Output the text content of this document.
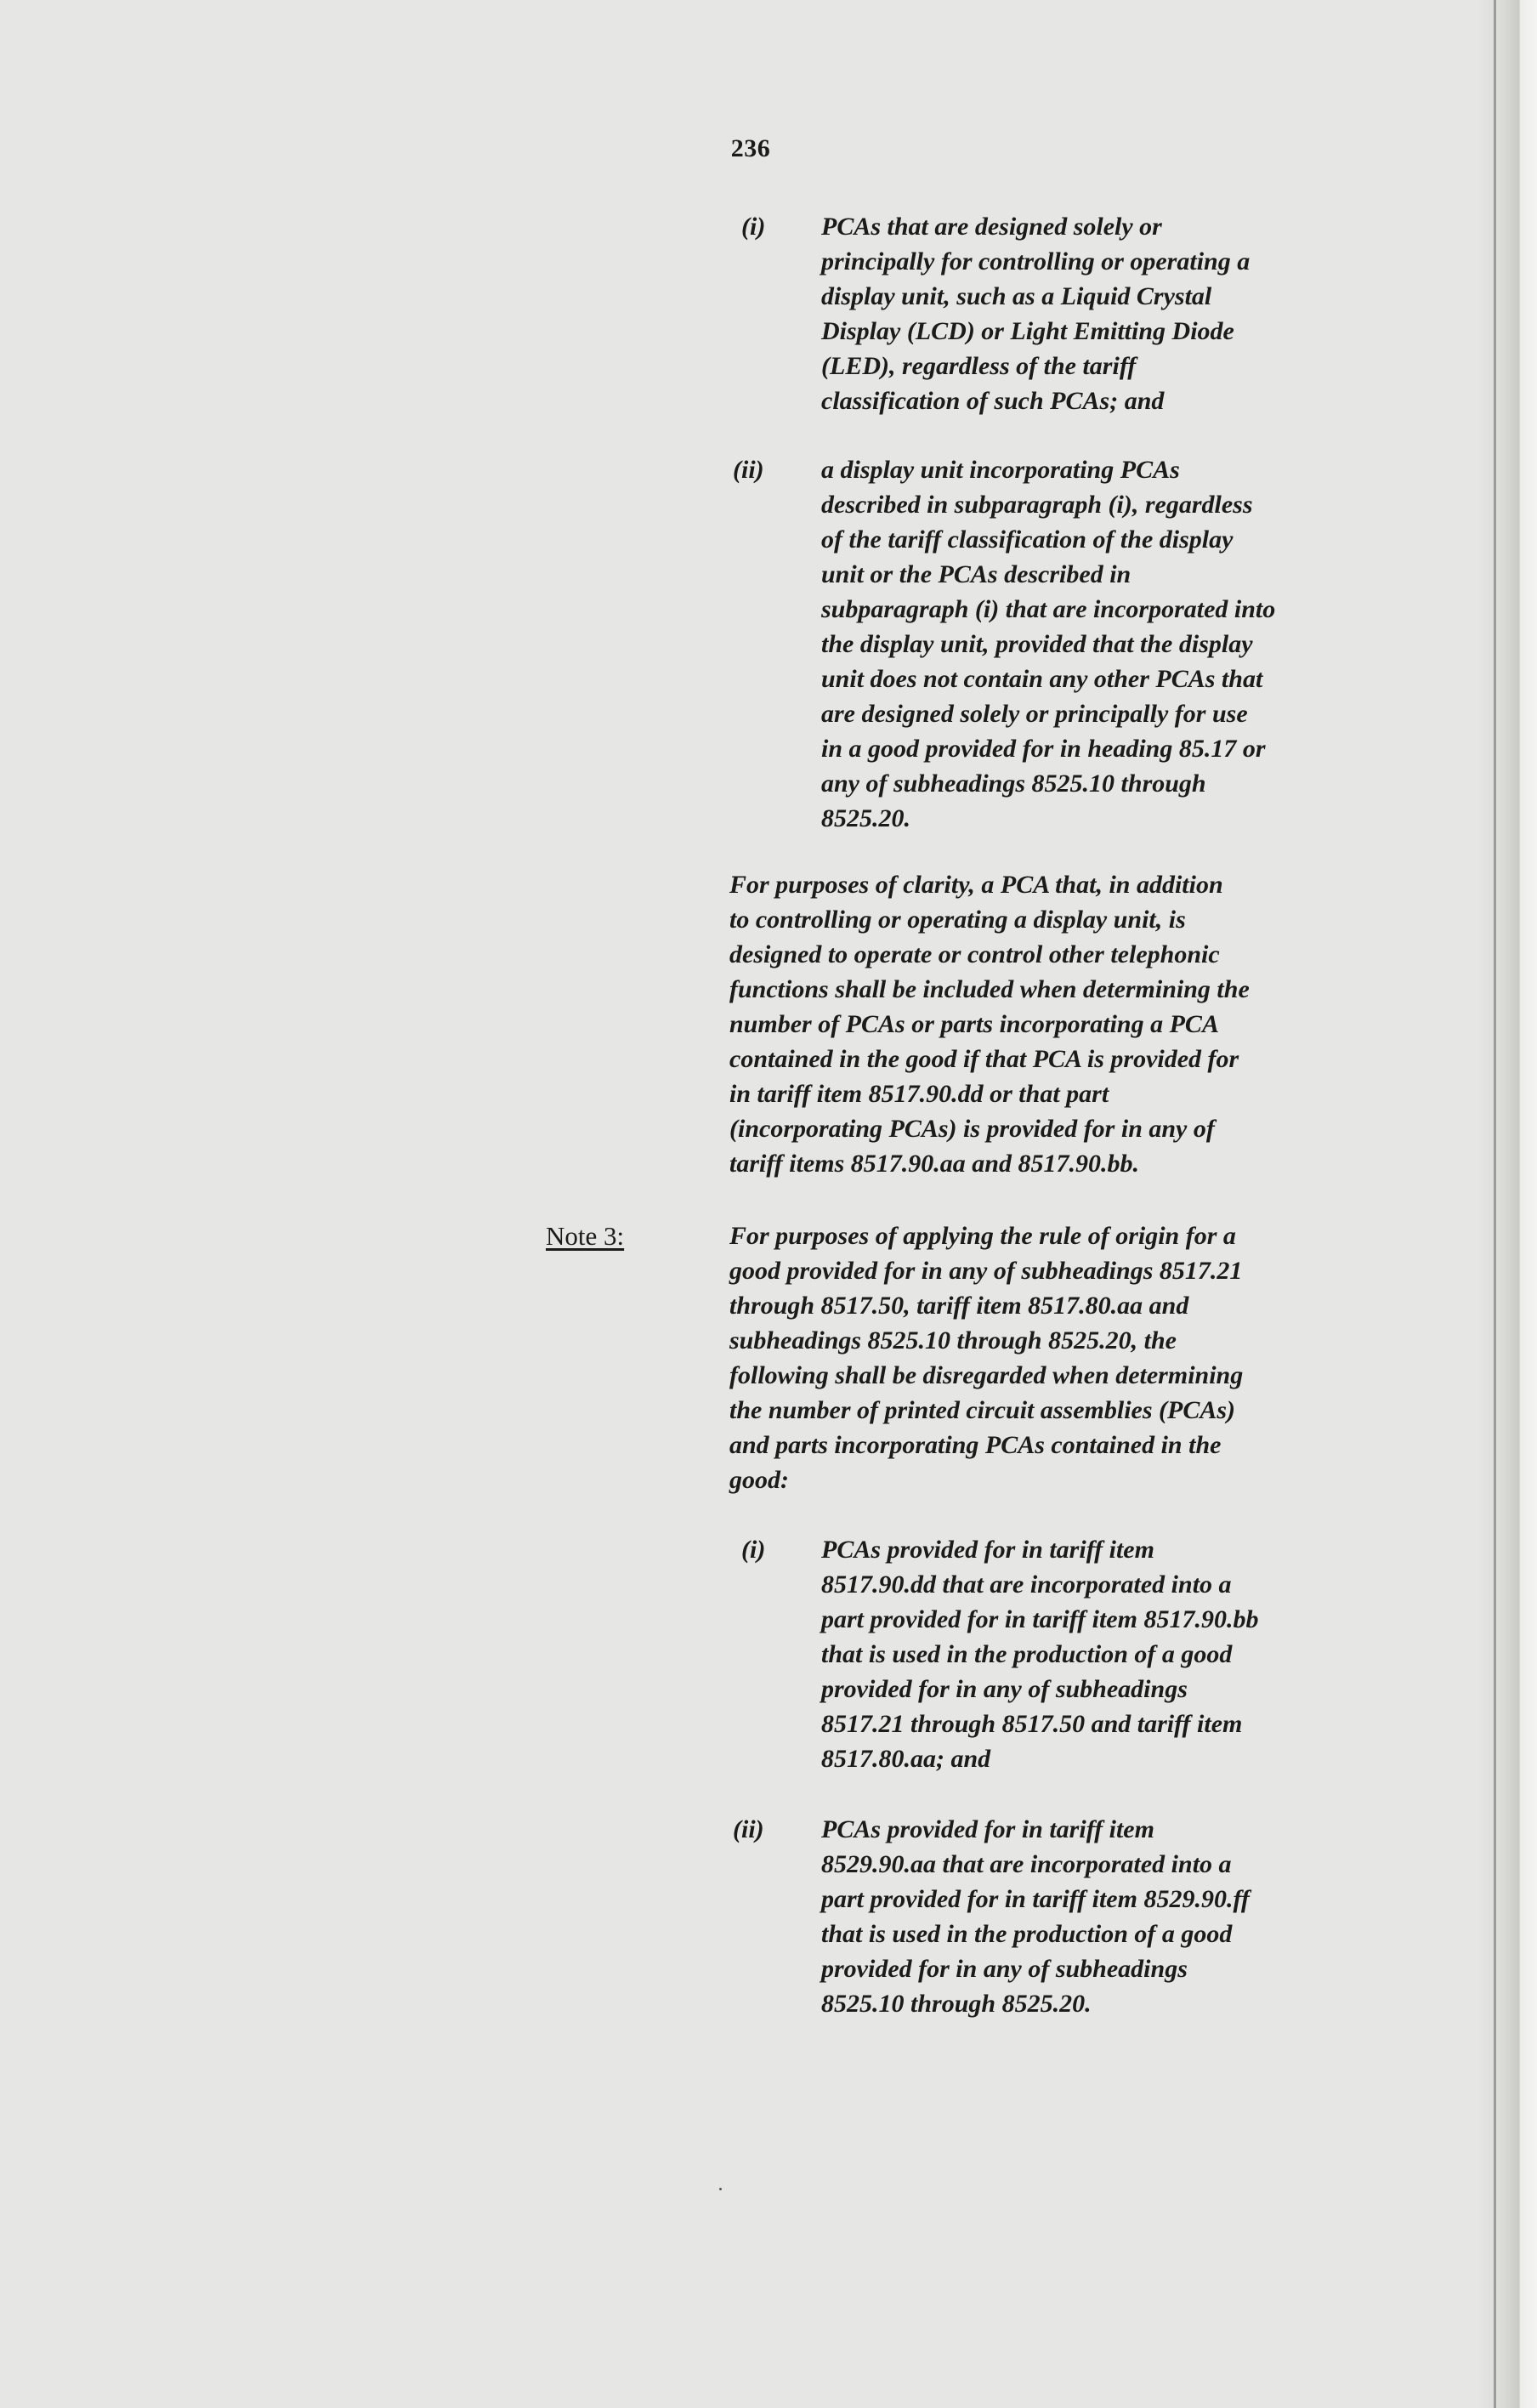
236
(i) PCAs that are designed solely or
principally for controlling or operating a
display unit, such as a Liquid Crystal
Display (LCD) or Light Emitting Diode
(LED), regardless of the tariff
classification of such PCAs; and
(ii) a display unit incorporating PCAs
described in subparagraph (i), regardless
of the tariff classification of the display
unit or the PCAs described in
subparagraph (i) that are incorporated into
the display unit, provided that the display
unit does not contain any other PCAs that
are designed solely or principally for use
in a good provided for in heading 85.17 or
any of subheadings 8525.10 through
8525.20.
For purposes of clarity, a PCA that, in addition
to controlling or operating a display unit, is
designed to operate or control other telephonic
functions shall be included when determining the
number of PCAs or parts incorporating a PCA
contained in the good if that PCA is provided for
in tariff item 8517.90.dd or that part
(incorporating PCAs) is provided for in any of
tariff items 8517.90.aa and 8517.90.bb.
Note 3:	For purposes of applying the rule of origin for a
good provided for in any of subheadings 8517.21
through 8517.50, tariff item 8517.80.aa and
subheadings 8525.10 through 8525.20, the
following shall be disregarded when determining
the number of printed circuit assemblies (PCAs)
and parts incorporating PCAs contained in the
good:
(i) PCAs provided for in tariff item
8517.90.dd that are incorporated into a
part provided for in tariff item 8517.90.bb
that is used in the production of a good
provided for in any of subheadings
8517.21 through 8517.50 and tariff item
8517.80.aa; and
(ii) PCAs provided for in tariff item
8529.90.aa that are incorporated into a
part provided for in tariff item 8529.90.ff
that is used in the production of a good
provided for in any of subheadings
8525.10 through 8525.20.
